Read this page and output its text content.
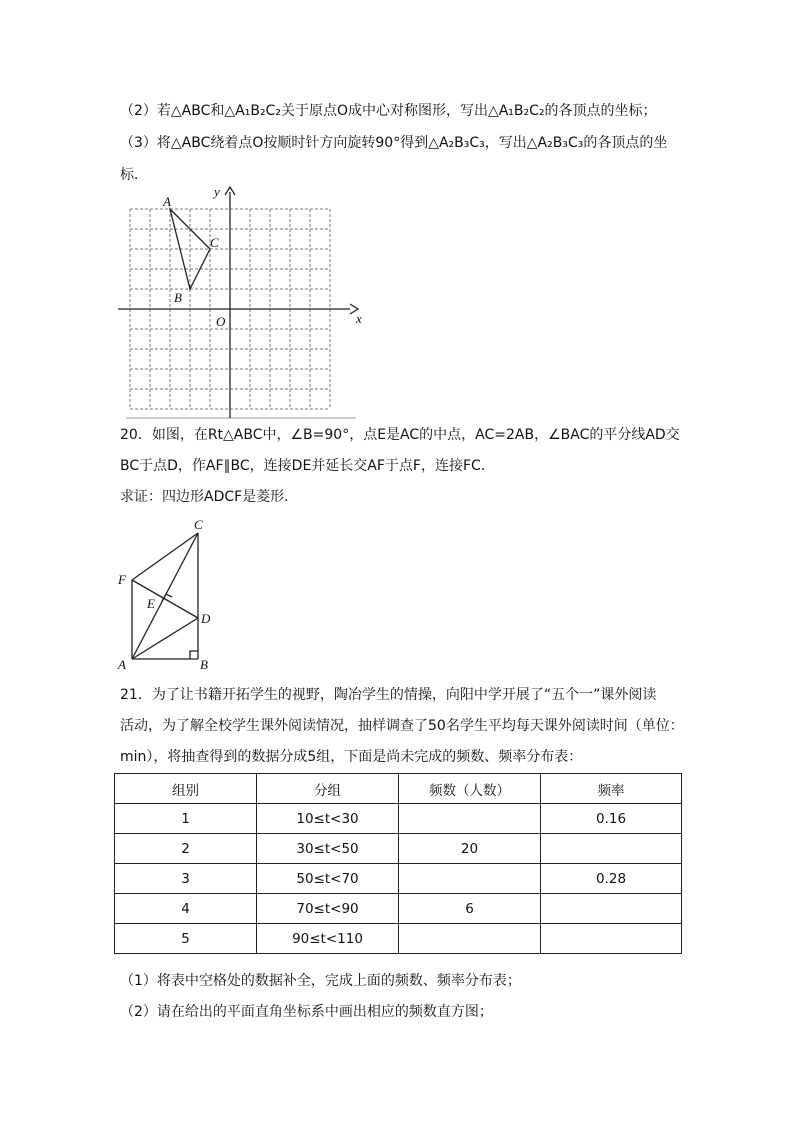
（2）若△ABC和△A₁B₂C₂关于原点O成中心对称图形，写出△A₁B₂C₂的各顶点的坐标；
（3）将△ABC绕着点O按顺时针方向旋转90°得到△A₂B₃C₃，写出△A₂B₃C₃的各顶点的坐
标．
x
y
O
A
B
C
20．如图，在Rt△ABC中，∠B=90°，点E是AC的中点，AC=2AB，∠BAC的平分线AD交
BC于点D，作AF∥BC，连接DE并延长交AF于点F，连接FC．
求证：四边形ADCF是菱形．
A	B
C
D
E
F
21．为了让书籍开拓学生的视野，陶冶学生的情操，向阳中学开展了“五个一”课外阅读
活动，为了解全校学生课外阅读情况，抽样调查了50名学生平均每天课外阅读时间（单位：
min），将抽查得到的数据分成5组，下面是尚未完成的频数、频率分布表：
组别	分组	频数（人数）	频率
1	10≤t<30		0.16
2	30≤t<50	20	
3	50≤t<70		0.28
4	70≤t<90	6	
5	90≤t<110		
（1）将表中空格处的数据补全，完成上面的频数、频率分布表；
（2）请在给出的平面直角坐标系中画出相应的频数直方图；
